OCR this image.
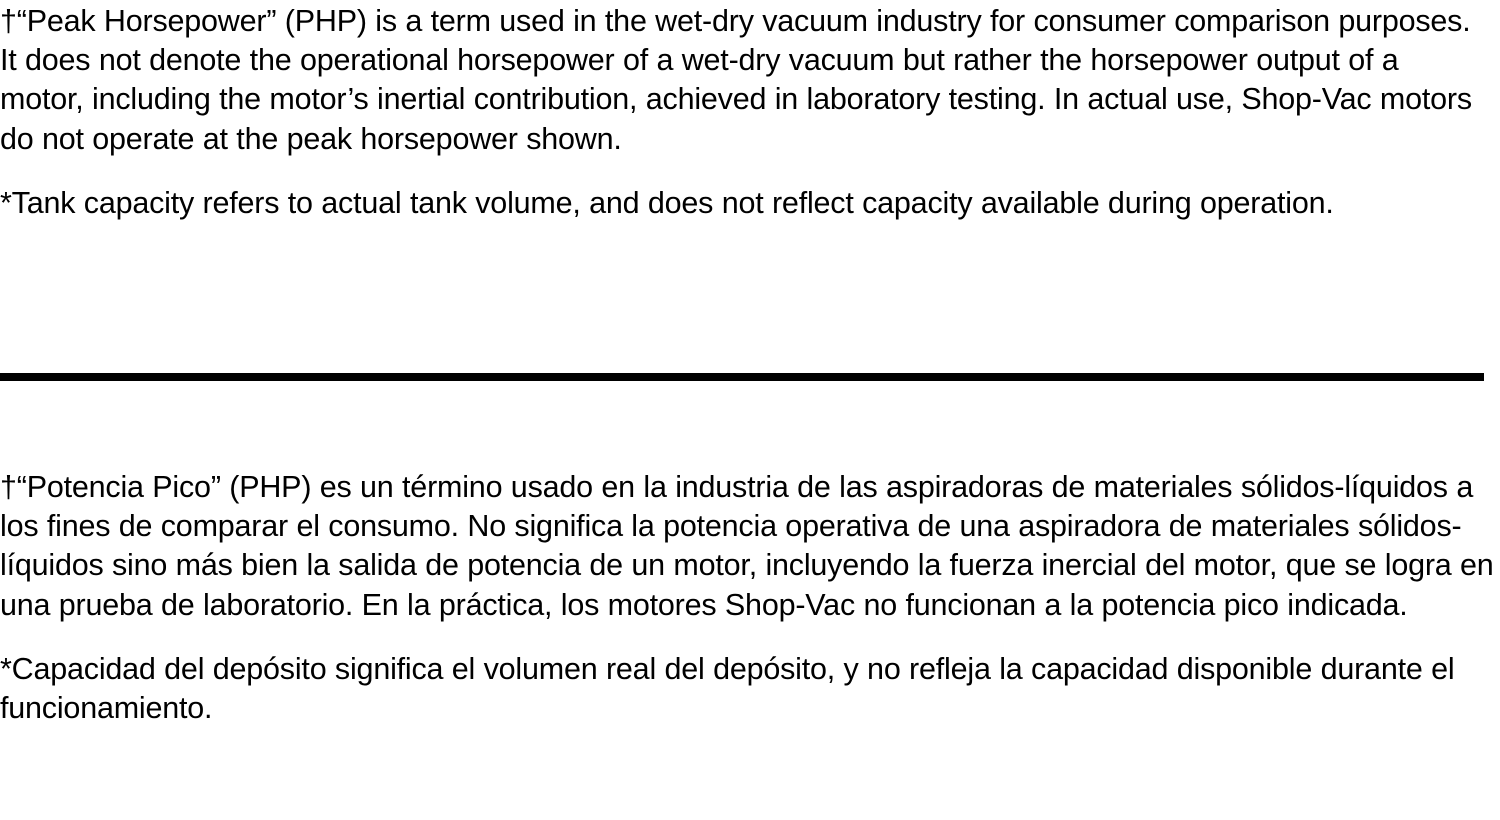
†“Peak Horsepower” (PHP) is a term used in the wet-dry vacuum industry for consumer comparison purposes. It does not denote the operational horsepower of a wet-dry vacuum but rather the horsepower output of a motor, including the motor’s inertial contribution, achieved in laboratory testing. In actual use, Shop-Vac motors do not operate at the peak horsepower shown.

*Tank capacity refers to actual tank volume, and does not reflect capacity available during operation.

†“Potencia Pico” (PHP) es un término usado en la industria de las aspiradoras de materiales sólidos-líquidos a los fines de comparar el consumo. No significa la potencia operativa de una aspiradora de materiales sólidos-líquidos sino más bien la salida de potencia de un motor, incluyendo la fuerza inercial del motor, que se logra en una prueba de laboratorio. En la práctica, los motores Shop-Vac no funcionan a la potencia pico indicada.

*Capacidad del depósito significa el volumen real del depósito, y no refleja la capacidad disponible durante el funcionamiento.
